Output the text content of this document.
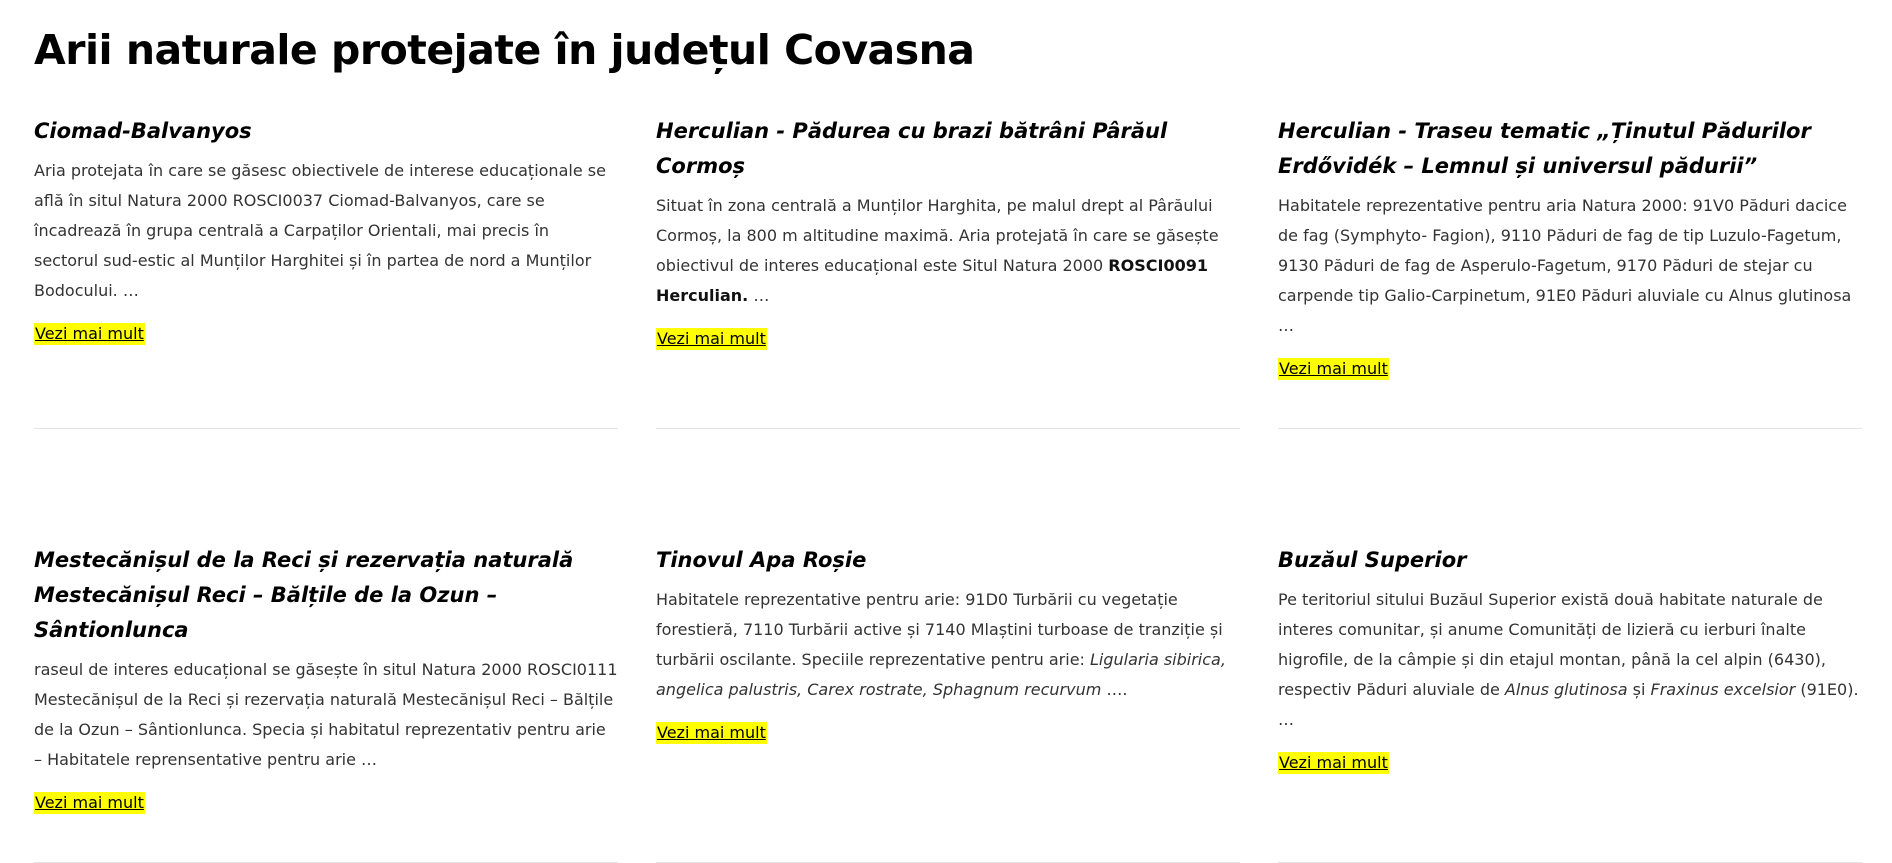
Arii naturale protejate în județul Covasna
Ciomad-Balvanyos

Aria protejata în care se găsesc obiectivele de interese educaționale se află în situl Natura 2000 ROSCI0037 Ciomad-Balvanyos, care se încadrează în grupa centrală a Carpaților Orientali, mai precis în sectorul sud-estic al Munților Harghitei și în partea de nord a Munților Bodocului. …

Vezi mai mult
Herculian - Pădurea cu brazi bătrâni Pârăul Cormoș

Situat în zona centrală a Munților Harghita, pe malul drept al Pârăului Cormoș, la 800 m altitudine maximă. Aria protejată în care se găsește obiectivul de interes educațional este Situl Natura 2000 ROSCI0091 Herculian. …

Vezi mai mult
Herculian - Traseu tematic „Ținutul Pădurilor Erdővidék – Lemnul și universul pădurii”

Habitatele reprezentative pentru aria Natura 2000: 91V0 Păduri dacice de fag (Symphyto- Fagion), 9110 Păduri de fag de tip Luzulo-Fagetum, 9130 Păduri de fag de Asperulo-Fagetum, 9170 Păduri de stejar cu carpende tip Galio-Carpinetum, 91E0 Păduri aluviale cu Alnus glutinosa …

Vezi mai mult
Mestecănișul de la Reci și rezervația naturală Mestecănișul Reci – Bălțile de la Ozun – Sântionlunca

raseul de interes educațional se găsește în situl Natura 2000 ROSCI0111 Mestecănișul de la Reci și rezervația naturală Mestecănișul Reci – Bălțile de la Ozun – Sântionlunca. Specia și habitatul reprezentativ pentru arie – Habitatele reprensentative pentru arie …

Vezi mai mult
Tinovul Apa Roșie

Habitatele reprezentative pentru arie: 91D0 Turbării cu vegetație forestieră, 7110 Turbării active și 7140 Mlaștini turboase de tranziție și turbării oscilante. Speciile reprezentative pentru arie: Ligularia sibirica, angelica palustris, Carex rostrate, Sphagnum recurvum ….

Vezi mai mult
Buzăul Superior

Pe teritoriul sitului Buzăul Superior există două habitate naturale de interes comunitar, și anume Comunități de lizieră cu ierburi înalte higrofile, de la câmpie și din etajul montan, până la cel alpin (6430), respectiv Păduri aluviale de Alnus glutinosa și Fraxinus excelsior (91E0). …

Vezi mai mult
